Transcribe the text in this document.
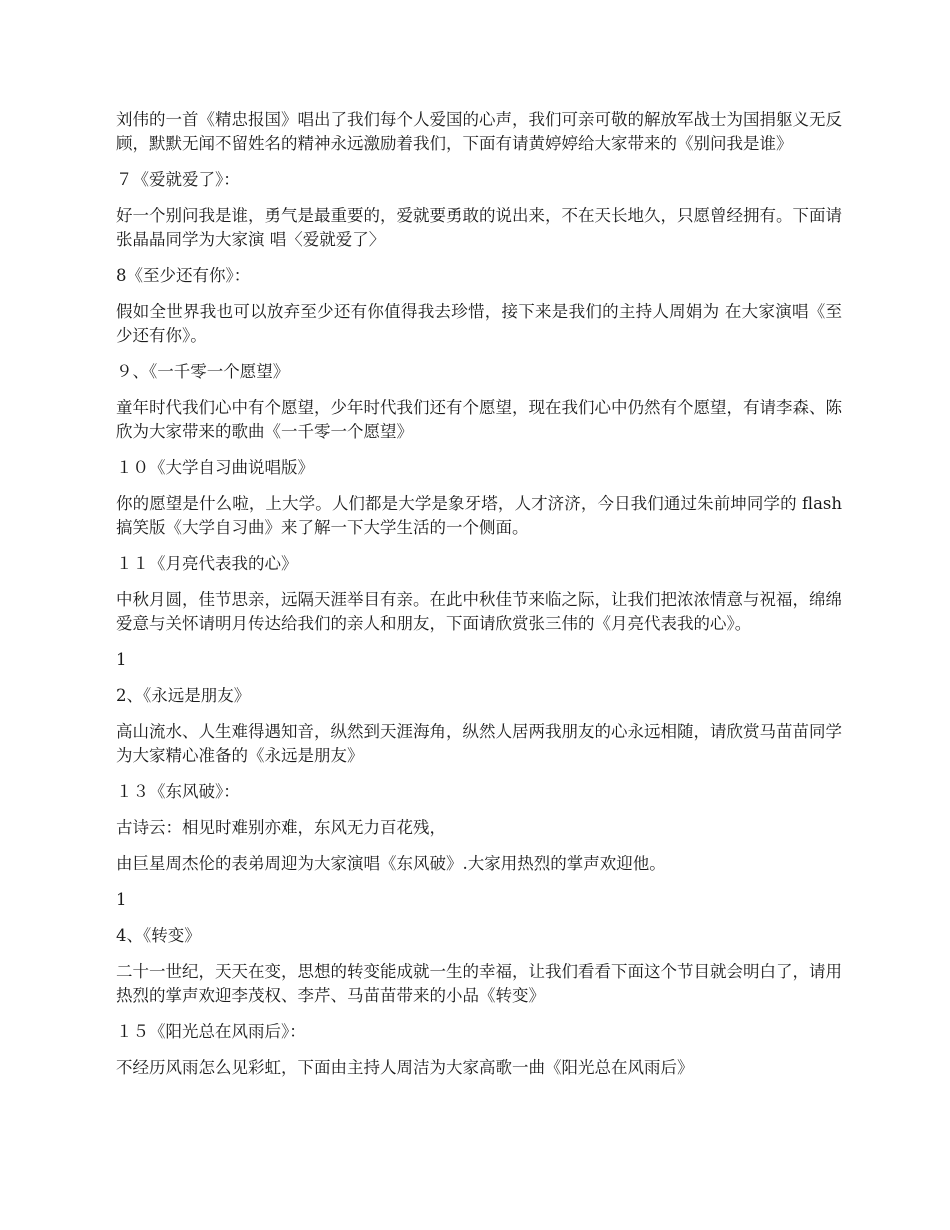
刘伟的一首《精忠报国》唱出了我们每个人爱国的心声，我们可亲可敬的解放军战士为国捐躯义无反顾，默默无闻不留姓名的精神永远激励着我们，下面有请黄婷婷给大家带来的《别问我是谁》

７《爱就爱了》：

好一个别问我是谁，勇气是最重要的，爱就要勇敢的说出来，不在天长地久，只愿曾经拥有。下面请张晶晶同学为大家演 唱〈爱就爱了〉

8《至少还有你》：

假如全世界我也可以放弃至少还有你值得我去珍惜，接下来是我们的主持人周娟为 在大家演唱《至少还有你》。

９、《一千零一个愿望》

童年时代我们心中有个愿望，少年时代我们还有个愿望，现在我们心中仍然有个愿望，有请李森、陈欣为大家带来的歌曲《一千零一个愿望》

１０《大学自习曲说唱版》

你的愿望是什么啦，上大学。人们都是大学是象牙塔，人才济济，今日我们通过朱前坤同学的 flash 搞笑版《大学自习曲》来了解一下大学生活的一个侧面。

１１《月亮代表我的心》

中秋月圆，佳节思亲，远隔天涯举目有亲。在此中秋佳节来临之际，让我们把浓浓情意与祝福，绵绵爱意与关怀请明月传达给我们的亲人和朋友，下面请欣赏张三伟的《月亮代表我的心》。

1

2、《永远是朋友》

高山流水、人生难得遇知音，纵然到天涯海角，纵然人居两我朋友的心永远相随，请欣赏马苗苗同学为大家精心准备的《永远是朋友》

１３《东风破》：

古诗云：相见时难别亦难，东风无力百花残，

由巨星周杰伦的表弟周迎为大家演唱《东风破》.大家用热烈的掌声欢迎他。

1

4、《转变》

二十一世纪，天天在变，思想的转变能成就一生的幸福，让我们看看下面这个节目就会明白了，请用热烈的掌声欢迎李茂权、李芹、马苗苗带来的小品《转变》

１５《阳光总在风雨后》：

不经历风雨怎么见彩虹，下面由主持人周洁为大家高歌一曲《阳光总在风雨后》
